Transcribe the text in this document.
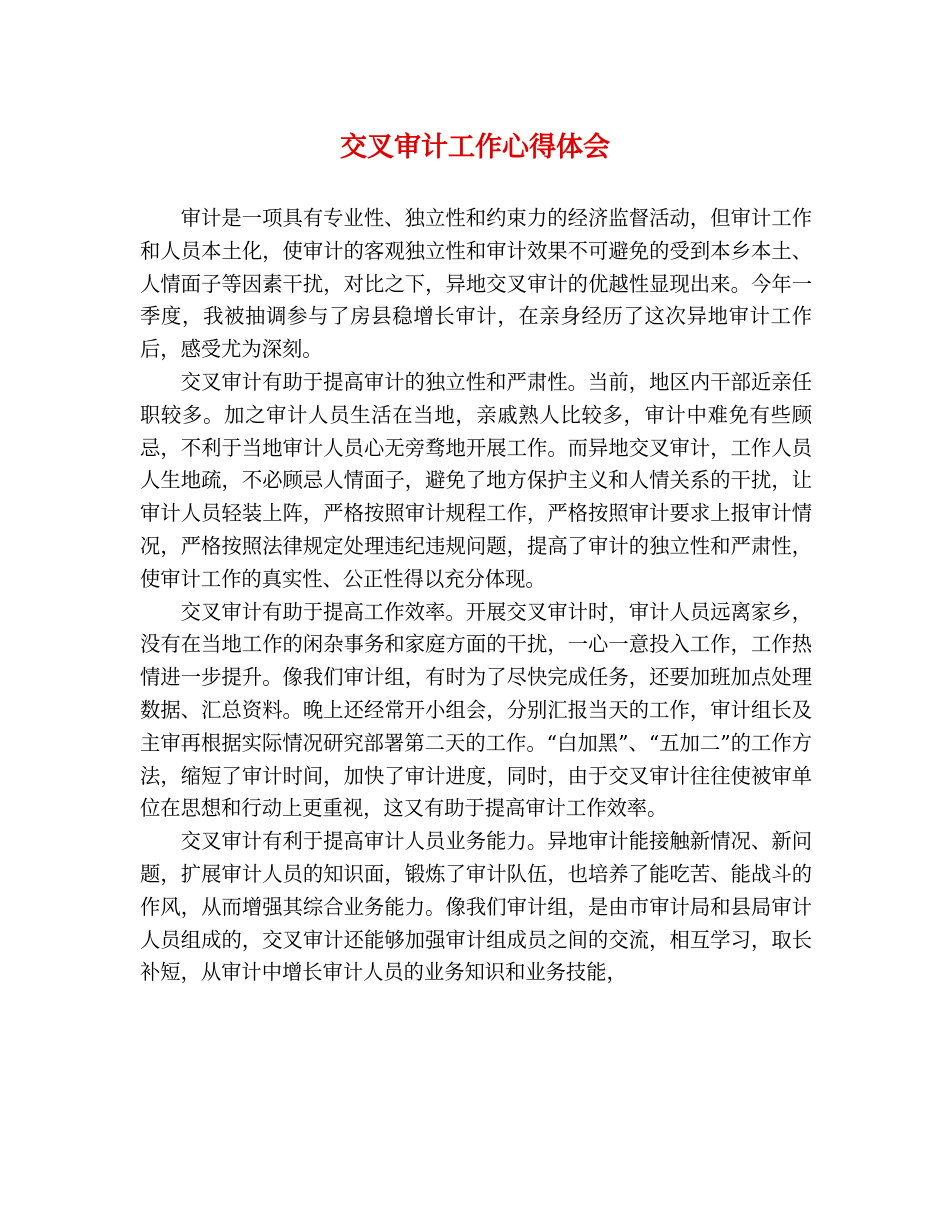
交叉审计工作心得体会

审计是一项具有专业性、独立性和约束力的经济监督活动，但审计工作和人员本土化，使审计的客观独立性和审计效果不可避免的受到本乡本土、人情面子等因素干扰，对比之下，异地交叉审计的优越性显现出来。今年一季度，我被抽调参与了房县稳增长审计，在亲身经历了这次异地审计工作后，感受尤为深刻。

交叉审计有助于提高审计的独立性和严肃性。当前，地区内干部近亲任职较多。加之审计人员生活在当地，亲戚熟人比较多，审计中难免有些顾忌，不利于当地审计人员心无旁骛地开展工作。而异地交叉审计，工作人员人生地疏，不必顾忌人情面子，避免了地方保护主义和人情关系的干扰，让审计人员轻装上阵，严格按照审计规程工作，严格按照审计要求上报审计情况，严格按照法律规定处理违纪违规问题，提高了审计的独立性和严肃性，使审计工作的真实性、公正性得以充分体现。

交叉审计有助于提高工作效率。开展交叉审计时，审计人员远离家乡，没有在当地工作的闲杂事务和家庭方面的干扰，一心一意投入工作，工作热情进一步提升。像我们审计组，有时为了尽快完成任务，还要加班加点处理数据、汇总资料。晚上还经常开小组会，分别汇报当天的工作，审计组长及主审再根据实际情况研究部署第二天的工作。“白加黑”、“五加二”的工作方法，缩短了审计时间，加快了审计进度，同时，由于交叉审计往往使被审单位在思想和行动上更重视，这又有助于提高审计工作效率。

交叉审计有利于提高审计人员业务能力。异地审计能接触新情况、新问题，扩展审计人员的知识面，锻炼了审计队伍，也培养了能吃苦、能战斗的作风，从而增强其综合业务能力。像我们审计组，是由市审计局和县局审计人员组成的，交叉审计还能够加强审计组成员之间的交流，相互学习，取长补短，从审计中增长审计人员的业务知识和业务技能，
